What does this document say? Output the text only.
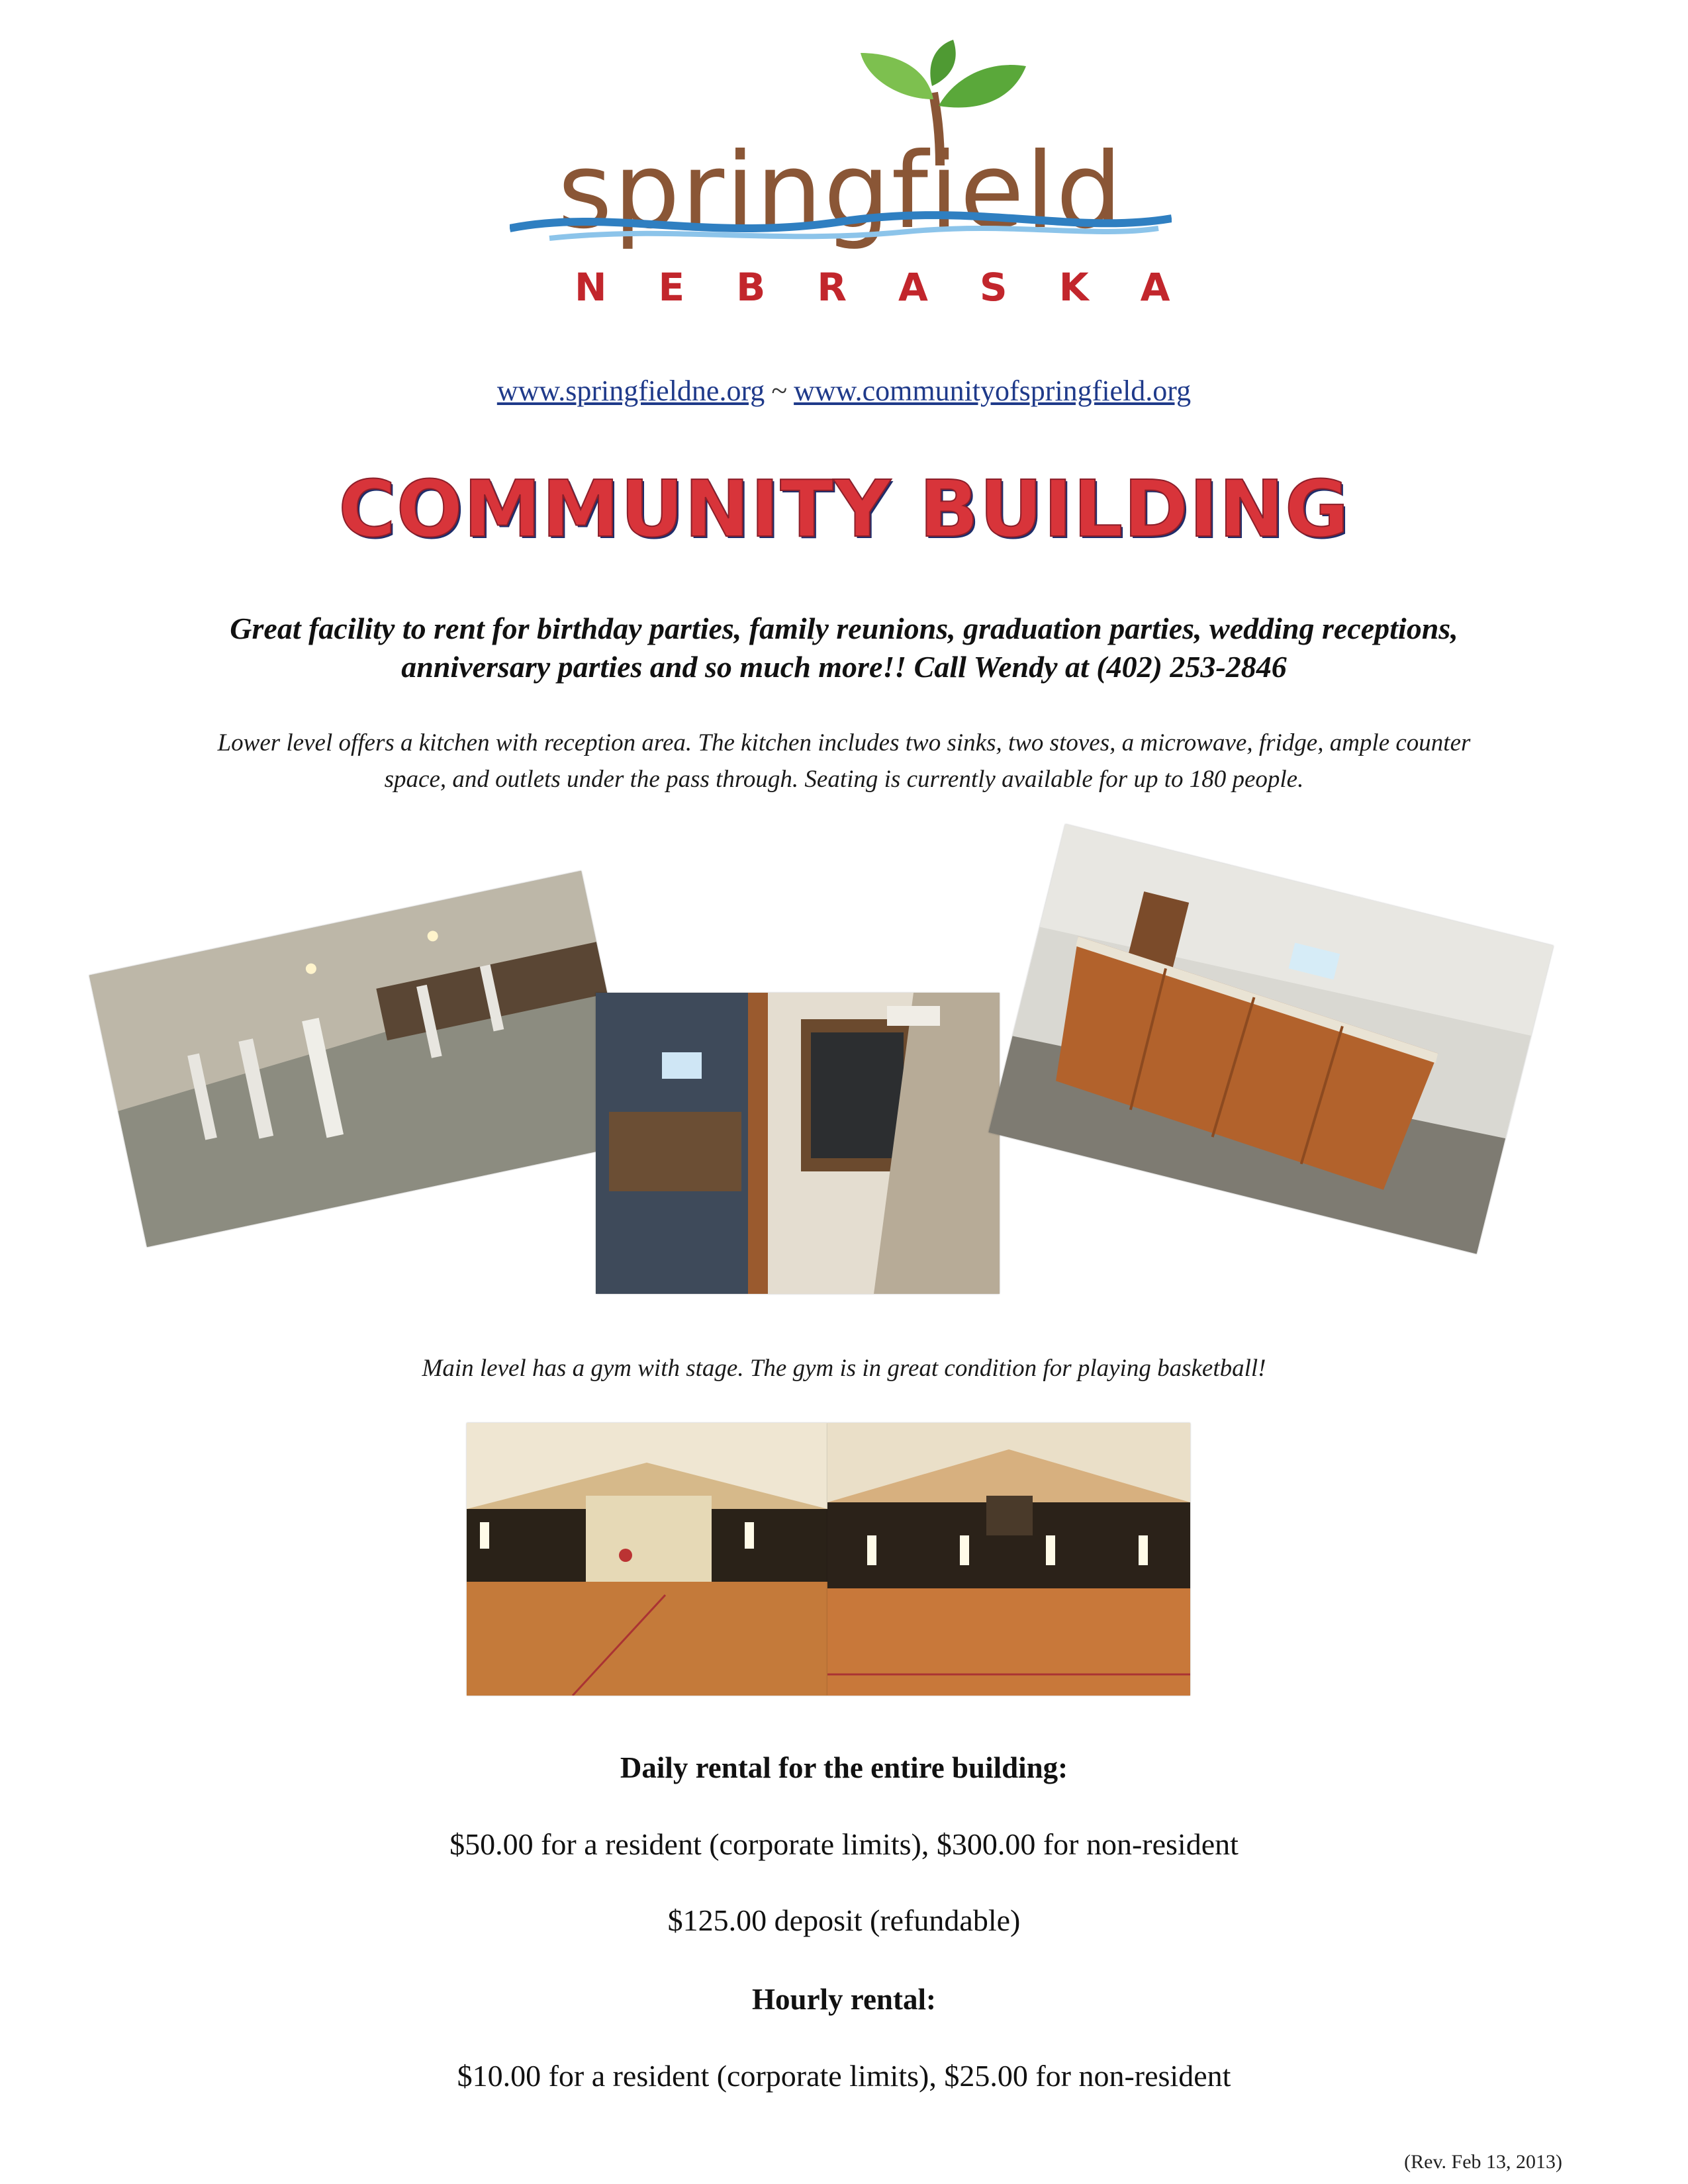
springfield
NEBRASKA
www.springfieldne.org ~ www.communityofspringfield.org
COMMUNITY BUILDING
Great facility to rent for birthday parties, family reunions, graduation parties, wedding receptions,
anniversary parties and so much more!! Call Wendy at (402) 253-2846
Lower level offers a kitchen with reception area. The kitchen includes two sinks, two stoves, a microwave, fridge, ample counter
space, and outlets under the pass through. Seating is currently available for up to 180 people.
Main level has a gym with stage. The gym is in great condition for playing basketball!
Daily rental for the entire building:
$50.00 for a resident (corporate limits), $300.00 for non-resident
$125.00 deposit (refundable)
Hourly rental:
$10.00 for a resident (corporate limits), $25.00 for non-resident
(Rev. Feb 13, 2013)
